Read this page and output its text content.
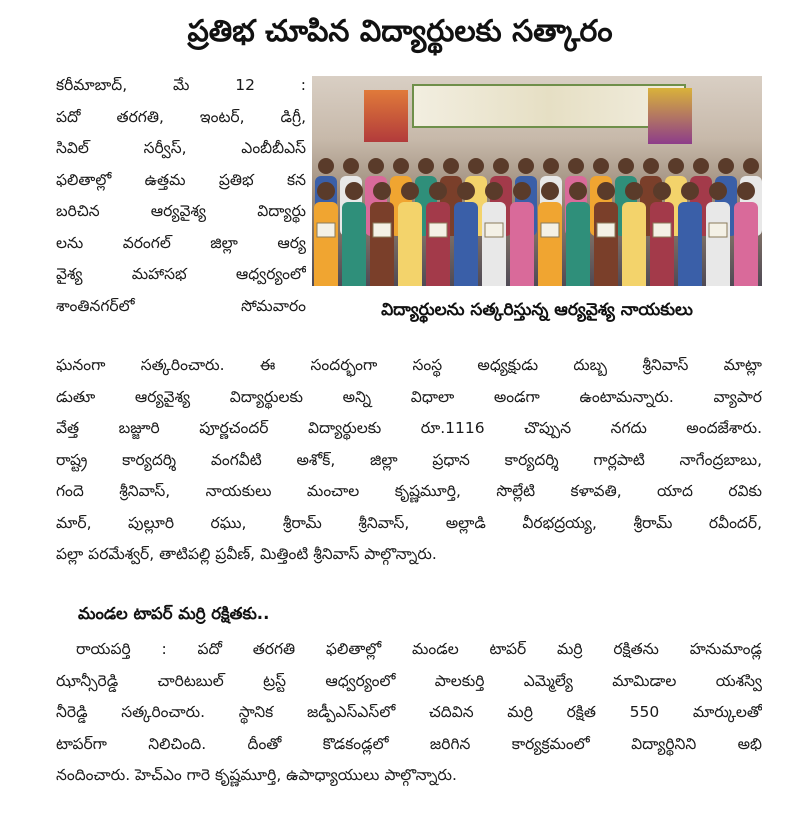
ప్రతిభ చూపిన విద్యార్థులకు సత్కారం
కరీమాబాద్, మే 12 :
పదో తరగతి, ఇంటర్, డిగ్రీ,
సివిల్ సర్వీస్, ఎంబీబీఎస్
ఫలితాల్లో ఉత్తమ ప్రతిభ కన
బరిచిన ఆర్యవైశ్య విద్యార్థు
లను వరంగల్ జిల్లా ఆర్య
వైశ్య మహాసభ ఆధ్వర్యంలో
శాంతినగర్‌లో సోమవారం	విద్యార్థులను సత్కరిస్తున్న ఆర్యవైశ్య నాయకులు
ఘనంగా సత్కరించారు. ఈ సందర్భంగా సంస్థ అధ్యక్షుడు దుబ్బ శ్రీనివాస్ మాట్లా
డుతూ ఆర్యవైశ్య విద్యార్థులకు అన్ని విధాలా అండగా ఉంటామన్నారు. వ్యాపార
వేత్త బజ్జూరి పూర్ణచందర్ విద్యార్థులకు రూ.1116 చొప్పున నగదు అందజేశారు.
రాష్ట్ర కార్యదర్శి వంగవీటి అశోక్, జిల్లా ప్రధాన కార్యదర్శి గార్లపాటి నాగేంద్రబాబు,
గందె శ్రీనివాస్, నాయకులు మంచాల కృష్ణమూర్తి, సొల్లేటి కళావతి, యాద రవికు
మార్, పుల్లూరి రఘు, శ్రీరామ్ శ్రీనివాస్, అల్లాడి వీరభద్రయ్య, శ్రీరామ్ రవీందర్,
పల్లా పరమేశ్వర్, తాటిపల్లి ప్రవీణ్, మిత్తింటి శ్రీనివాస్ పాల్గొన్నారు.
మండల టాపర్ మర్రి రక్షితకు..
రాయపర్తి : పదో తరగతి ఫలితాల్లో మండల టాపర్ మర్రి రక్షితను హనుమాండ్ల
ఝాన్సీరెడ్డి చారిటబుల్ ట్రస్ట్ ఆధ్వర్యంలో పాలకుర్తి ఎమ్మెల్యే మామిడాల యశస్వి
నీరెడ్డి సత్కరించారు. స్థానిక జడ్పీఎస్ఎస్‌లో చదివిన మర్రి రక్షిత 550 మార్కులతో
టాపర్‌గా నిలిచింది. దీంతో కొడకండ్లలో జరిగిన కార్యక్రమంలో విద్యార్థినిని అభి
నందించారు. హెచ్ఎం గారె కృష్ణమూర్తి, ఉపాధ్యాయులు పాల్గొన్నారు.
